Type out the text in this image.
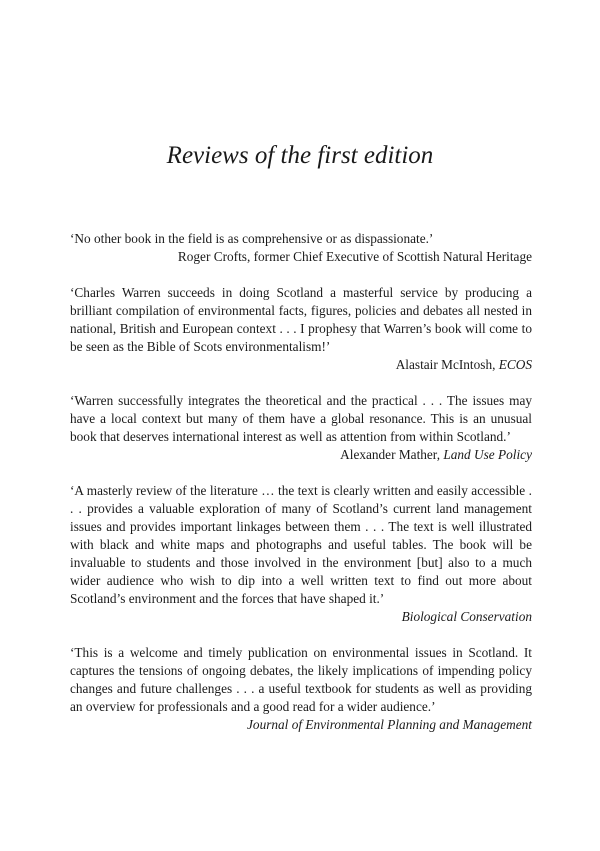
Reviews of the first edition

‘No other book in the field is as comprehensive or as dispassionate.’

Roger Crofts, former Chief Executive of Scottish Natural Heritage

‘Charles Warren succeeds in doing Scotland a masterful service by producing a brilliant compilation of environmental facts, figures, policies and debates all nested in national, British and European context . . . I prophesy that Warren’s book will come to be seen as the Bible of Scots environmentalism!’

Alastair McIntosh, ECOS

‘Warren successfully integrates the theoretical and the practical . . . The issues may have a local context but many of them have a global resonance. This is an unusual book that deserves international interest as well as attention from within Scotland.’

Alexander Mather, Land Use Policy

‘A masterly review of the literature … the text is clearly written and easily accessible . . . provides a valuable exploration of many of Scotland’s current land management issues and provides important linkages between them . . . The text is well illustrated with black and white maps and photographs and useful tables. The book will be invaluable to students and those involved in the environment [but] also to a much wider audience who wish to dip into a well written text to find out more about Scotland’s environment and the forces that have shaped it.’

Biological Conservation

‘This is a welcome and timely publication on environmental issues in Scotland. It captures the tensions of ongoing debates, the likely implications of impending policy changes and future challenges . . . a useful textbook for students as well as providing an overview for professionals and a good read for a wider audience.’

Journal of Environmental Planning and Management
